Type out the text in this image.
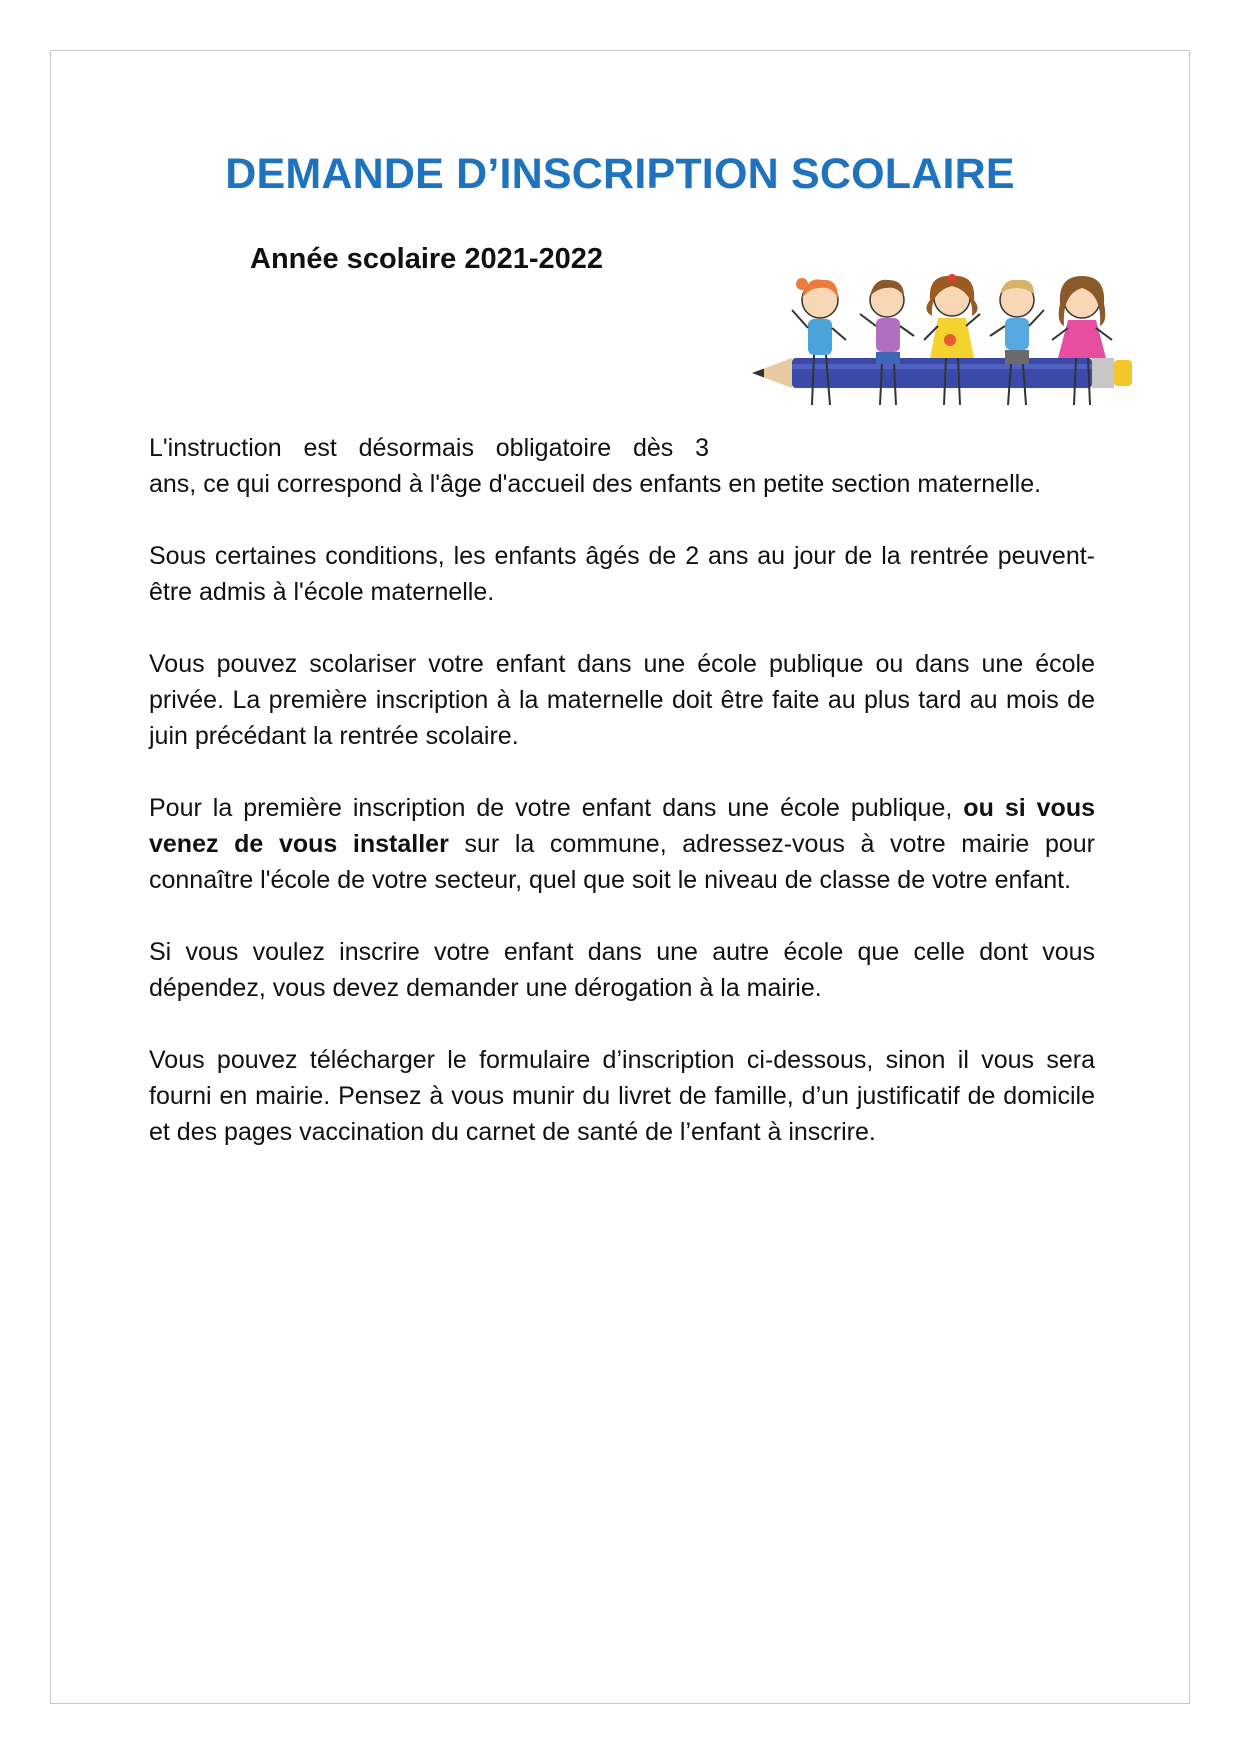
DEMANDE D’INSCRIPTION SCOLAIRE
Année scolaire 2021-2022

L'instruction est désormais obligatoire dès 3
ans, ce qui correspond à l'âge d'accueil des enfants en petite section maternelle.

Sous certaines conditions, les enfants âgés de 2 ans au jour de la rentrée peuvent-être admis à l'école maternelle.

Vous pouvez scolariser votre enfant dans une école publique ou dans une école privée. La première inscription à la maternelle doit être faite au plus tard au mois de juin précédant la rentrée scolaire.

Pour la première inscription de votre enfant dans une école publique, ou si vous venez de vous installer sur la commune, adressez-vous à votre mairie pour connaître l'école de votre secteur, quel que soit le niveau de classe de votre enfant.

Si vous voulez inscrire votre enfant dans une autre école que celle dont vous dépendez, vous devez demander une dérogation à la mairie.

Vous pouvez télécharger le formulaire d’inscription ci-dessous, sinon il vous sera fourni en mairie. Pensez à vous munir du livret de famille, d’un justificatif de domicile et des pages vaccination du carnet de santé de l’enfant à inscrire.
